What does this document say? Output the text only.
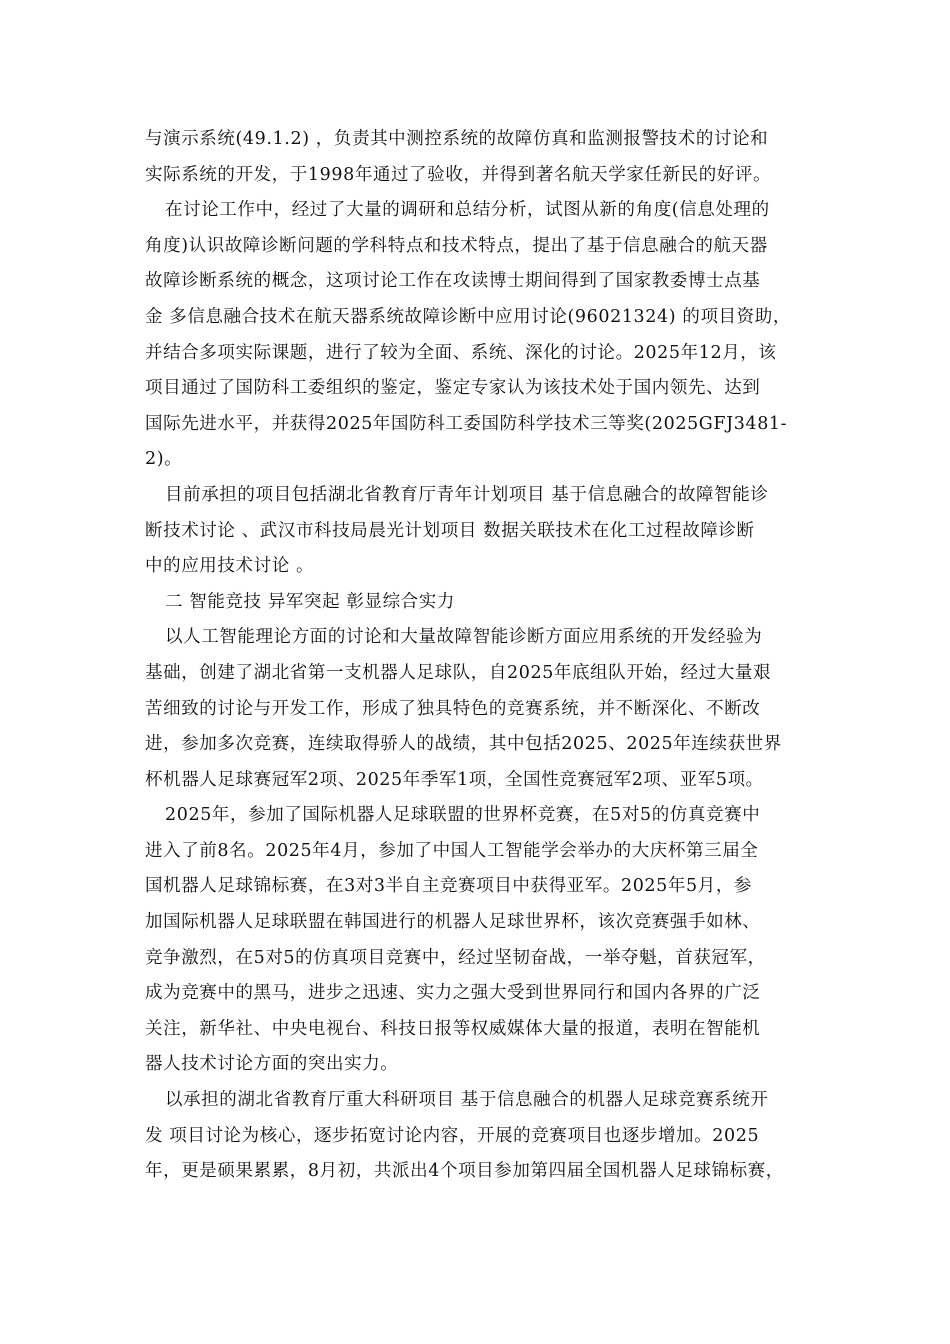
与演示系统(49.1.2) ，负责其中测控系统的故障仿真和监测报警技术的讨论和
实际系统的开发，于1998年通过了验收，并得到著名航天学家任新民的好评。
在讨论工作中，经过了大量的调研和总结分析，试图从新的角度(信息处理的
角度)认识故障诊断问题的学科特点和技术特点，提出了基于信息融合的航天器
故障诊断系统的概念，这项讨论工作在攻读博士期间得到了国家教委博士点基
金 多信息融合技术在航天器系统故障诊断中应用讨论(96021324) 的项目资助，
并结合多项实际课题，进行了较为全面、系统、深化的讨论。2025年12月，该
项目通过了国防科工委组织的鉴定，鉴定专家认为该技术处于国内领先、达到
国际先进水平，并获得2025年国防科工委国防科学技术三等奖(2025GFJ3481-
2)。
目前承担的项目包括湖北省教育厅青年计划项目 基于信息融合的故障智能诊
断技术讨论 、武汉市科技局晨光计划项目 数据关联技术在化工过程故障诊断
中的应用技术讨论 。
二 智能竞技 异军突起 彰显综合实力
以人工智能理论方面的讨论和大量故障智能诊断方面应用系统的开发经验为
基础，创建了湖北省第一支机器人足球队，自2025年底组队开始，经过大量艰
苦细致的讨论与开发工作，形成了独具特色的竞赛系统，并不断深化、不断改
进，参加多次竞赛，连续取得骄人的战绩，其中包括2025、2025年连续获世界
杯机器人足球赛冠军2项、2025年季军1项，全国性竞赛冠军2项、亚军5项。
2025年，参加了国际机器人足球联盟的世界杯竞赛，在5对5的仿真竞赛中
进入了前8名。2025年4月，参加了中国人工智能学会举办的大庆杯第三届全
国机器人足球锦标赛，在3对3半自主竞赛项目中获得亚军。2025年5月，参
加国际机器人足球联盟在韩国进行的机器人足球世界杯，该次竞赛强手如林、
竞争激烈，在5对5的仿真项目竞赛中，经过坚韧奋战，一举夺魁，首获冠军，
成为竞赛中的黑马，进步之迅速、实力之强大受到世界同行和国内各界的广泛
关注，新华社、中央电视台、科技日报等权威媒体大量的报道，表明在智能机
器人技术讨论方面的突出实力。
以承担的湖北省教育厅重大科研项目 基于信息融合的机器人足球竞赛系统开
发 项目讨论为核心，逐步拓宽讨论内容，开展的竞赛项目也逐步增加。2025
年，更是硕果累累，8月初，共派出4个项目参加第四届全国机器人足球锦标赛，
